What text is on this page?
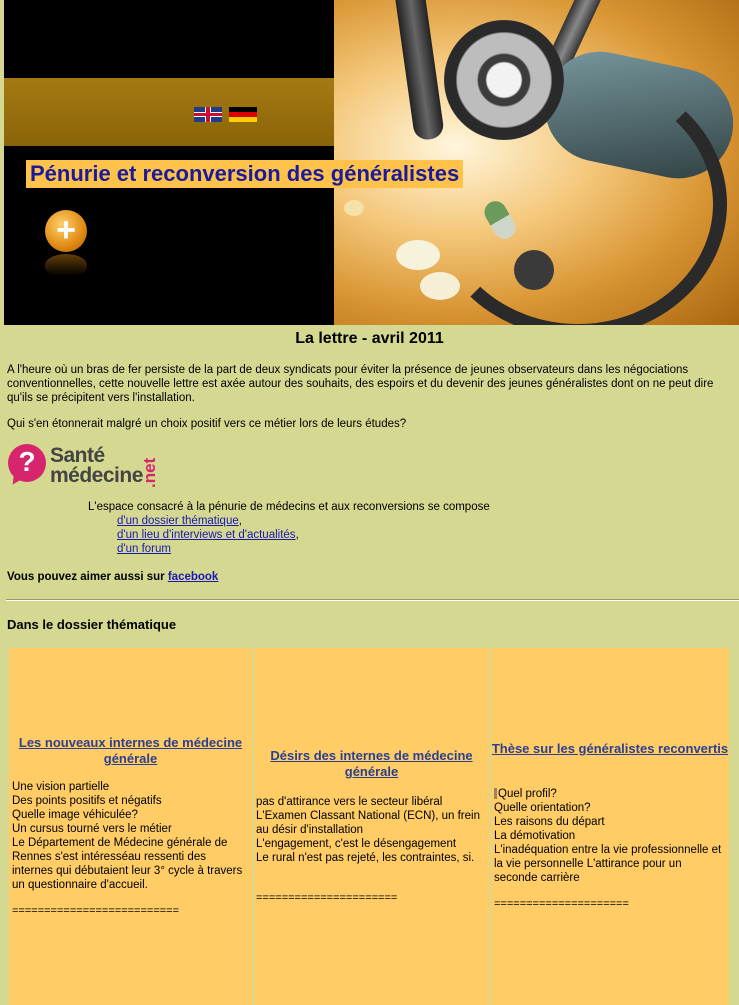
+
Pénurie et reconversion des généralistes
La lettre - avril 2011
A l'heure où un bras de fer persiste de la part de deux syndicats pour éviter la présence de jeunes observateurs dans les négociations conventionnelles, cette nouvelle lettre est axée autour des souhaits, des espoirs et du devenir des jeunes généralistes dont on ne peut dire qu'ils se précipitent vers l'installation.
Qui s'en étonnerait malgré un choix positif vers ce métier lors de leurs études?
? Santé
médecine
.net
L'espace consacré à la pénurie de médecins et aux reconversions se compose
d'un dossier thématique,
d'un lieu d'interviews et d'actualités,
d'un forum
Vous pouvez aimer aussi sur facebook
Dans le dossier thématique
Les nouveaux internes de médecine générale
Une vision partielle
Des points positifs et négatifs
Quelle image véhiculée?
Un cursus tourné vers le métier
Le Département de Médecine générale de Rennes s'est intéresséau ressenti des internes qui débutaient leur 3° cycle à travers un questionnaire d'accueil.
==========================
Désirs des internes de médecine générale
pas d'attirance vers le secteur libéral
L'Examen Classant National (ECN), un frein au désir d'installation
L'engagement, c'est le désengagement
Le rural n'est pas rejeté, les contraintes, si.
======================
Thèse sur les généralistes reconvertis
Quel profil?
Quelle orientation?
Les raisons du départ
La démotivation
L'inadéquation entre la vie professionnelle et la vie personnelle L'attirance pour un seconde carrière
=====================
